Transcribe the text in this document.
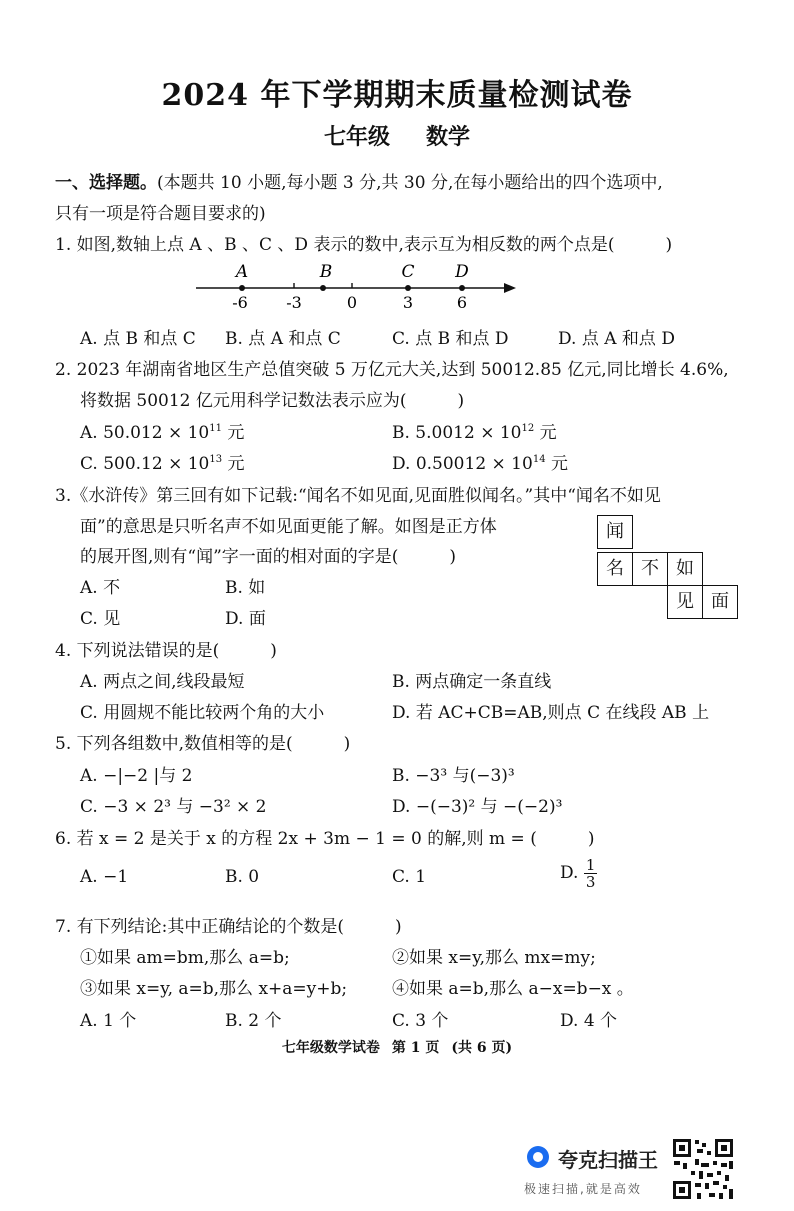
2024 年下学期期末质量检测试卷
七年级 数学
一、选择题。(本题共 10 小题,每小题 3 分,共 30 分,在每小题给出的四个选项中,
只有一项是符合题目要求的)
1. 如图,数轴上点 A 、B 、C 、D 表示的数中,表示互为相反数的两个点是(　　　)
A	B	C D
-6 -3	0	3	6
A. 点 B 和点 C B. 点 A 和点 C	C. 点 B 和点 D	D. 点 A 和点 D
2. 2023 年湖南省地区生产总值突破 5 万亿元大关,达到 50012.85 亿元,同比增长 4.6%,
将数据 50012 亿元用科学记数法表示应为(　　　)
A. $50.012 \times 10^{11}$ 元	B. $5.0012 \times 10^{12}$ 元
C. $500.12 \times 10^{13}$ 元	D. $0.50012 \times 10^{14}$ 元
3.《水浒传》第三回有如下记载:“闻名不如见面,见面胜似闻名。”其中“闻名不如见
面”的意思是只听名声不如见面更能了解。如图是正方体
的展开图,则有“闻”字一面的相对面的字是(　　　)
A. 不	B. 如
C. 见	D. 面
闻
名 不 如
见 面
4. 下列说法错误的是(　　　)
A. 两点之间,线段最短	B. 两点确定一条直线
C. 用圆规不能比较两个角的大小	D. 若 AC+CB=AB,则点 C 在线段 AB 上
5. 下列各组数中,数值相等的是(　　　)
A. −|−2 |与 2	B. −3³ 与(−3)³
C. −3 × 2³ 与 −3² × 2	D. −(−3)² 与 −(−2)³
6. 若 x = 2 是关于 x 的方程 2x + 3m − 1 = 0 的解,则 m = (　　　)
A. −1	B. 0	C. 1	D. $\frac{1}{3}$
7. 有下列结论:其中正确结论的个数是(　　　)
①如果 am=bm,那么 a=b;	②如果 x=y,那么 mx=my;
③如果 x=y, a=b,那么 x+a=y+b;	④如果 a=b,那么 a−x=b−x 。
A. 1 个	B. 2 个	C. 3 个	D. 4 个
七年级数学试卷 第 1 页 (共 6 页)
夸克扫描王
极速扫描,就是高效
